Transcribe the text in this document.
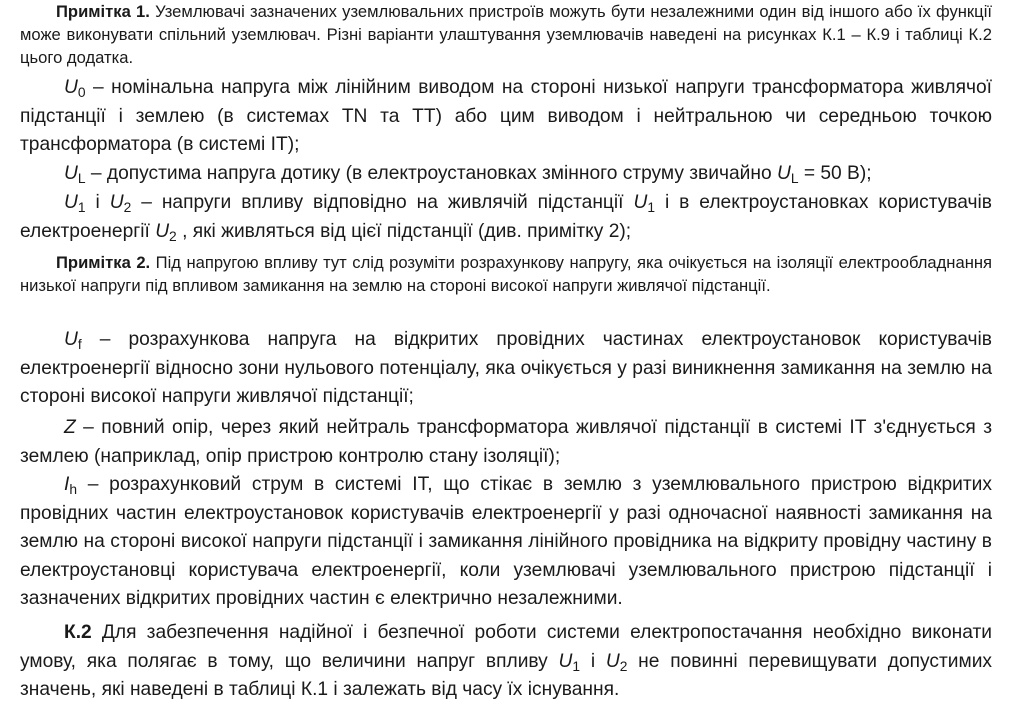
Примітка 1. Уземлювачі зазначених уземлювальних пристроїв можуть бути незалежними один від іншого або їх функції може виконувати спільний уземлювач. Різні варіанти улаштування уземлювачів наведені на рисунках К.1 – К.9 і таблиці К.2 цього додатка.

$U_0$ – номінальна напруга між лінійним виводом на стороні низької напруги трансформатора живлячої підстанції і землею (в системах TN та TT) або цим виводом і нейтральною чи середньою точкою трансформатора (в системі IT);

$U_L$ – допустима напруга дотику (в електроустановках змінного струму звичайно $U_L = 50$ В);

$U_1$ і $U_2$ – напруги впливу відповідно на живлячій підстанції $U_1$ і в електроустановках користувачів електроенергії $U_2$ , які живляться від цієї підстанції (див. примітку 2);

Примітка 2. Під напругою впливу тут слід розуміти розрахункову напругу, яка очікується на ізоляції електрообладнання низької напруги під впливом замикання на землю на стороні високої напруги живлячої підстанції.

$U_f$ – розрахункова напруга на відкритих провідних частинах електроустановок користувачів електроенергії відносно зони нульового потенціалу, яка очікується у разі виникнення замикання на землю на стороні високої напруги живлячої підстанції;

Z – повний опір, через який нейтраль трансформатора живлячої підстанції в системі IT з'єднується з землею (наприклад, опір пристрою контролю стану ізоляції);

$I_h$ – розрахунковий струм в системі IT, що стікає в землю з уземлювального пристрою відкритих провідних частин електроустановок користувачів електроенергії у разі одночасної наявності замикання на землю на стороні високої напруги підстанції і замикання лінійного провідника на відкриту провідну частину в електроустановці користувача електроенергії, коли уземлювачі уземлювального пристрою підстанції і зазначених відкритих провідних частин є електрично незалежними.

К.2 Для забезпечення надійної і безпечної роботи системи електропостачання необхідно виконати умову, яка полягає в тому, що величини напруг впливу $U_1$ і $U_2$ не повинні перевищувати допустимих значень, які наведені в таблиці К.1 і залежать від часу їх існування.
